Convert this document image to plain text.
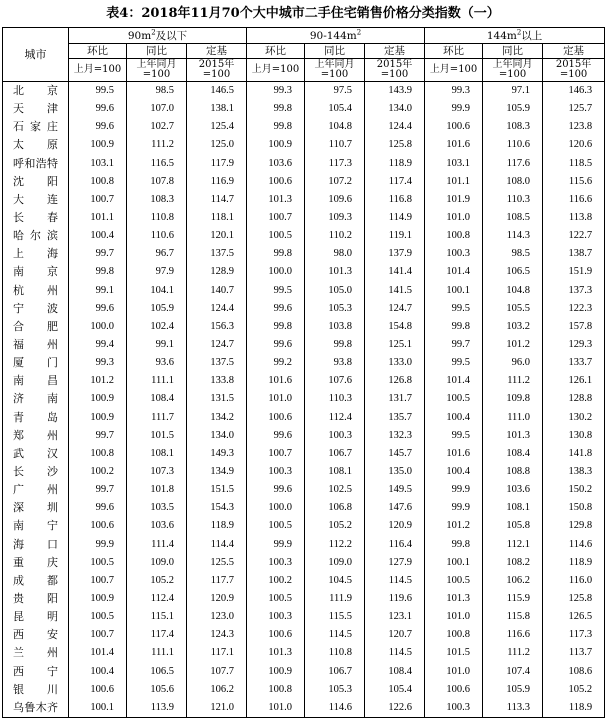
表4：2018年11月70个大中城市二手住宅销售价格分类指数（一）
城市	$90m^2$及以下			$90-144m^2$			$144m^2$以上		
	环比	同比	定基	环比	同比	定基	环比	同比	定基
	上月=100	上年同月=100	2015年=100	上月=100	上年同月=100	2015年=100	上月=100	上年同月=100	2015年=100
北京	99.5	98.5	146.5	99.3	97.5	143.9	99.3	97.1	146.3
天津	99.6	107.0	138.1	99.8	105.4	134.0	99.9	105.9	125.7
石家庄	99.6	102.7	125.4	99.8	104.8	124.4	100.6	108.3	123.8
太原	100.9	111.2	125.0	100.9	110.7	125.8	101.6	110.6	120.6
呼和浩特	103.1	116.5	117.9	103.6	117.3	118.9	103.1	117.6	118.5
沈阳	100.8	107.8	116.9	100.6	107.2	117.4	101.1	108.0	115.6
大连	100.7	108.3	114.7	101.3	109.6	116.8	101.9	110.3	116.6
长春	101.1	110.8	118.1	100.7	109.3	114.9	101.0	108.5	113.8
哈尔滨	100.4	110.6	120.1	100.5	110.2	119.1	100.8	114.3	122.7
上海	99.7	96.7	137.5	99.8	98.0	137.9	100.3	98.5	138.7
南京	99.8	97.9	128.9	100.0	101.3	141.4	101.4	106.5	151.9
杭州	99.1	104.1	140.7	99.5	105.0	141.5	100.1	104.8	137.3
宁波	99.6	105.9	124.4	99.6	105.3	124.7	99.5	105.5	122.3
合肥	100.0	102.4	156.3	99.8	103.8	154.8	99.8	103.2	157.8
福州	99.4	99.1	124.7	99.6	99.8	125.1	99.7	101.2	129.3
厦门	99.3	93.6	137.5	99.2	93.8	133.0	99.5	96.0	133.7
南昌	101.2	111.1	133.8	101.6	107.6	126.8	101.4	111.2	126.1
济南	100.9	108.4	131.5	101.0	110.3	131.7	100.5	109.8	128.8
青岛	100.9	111.7	134.2	100.6	112.4	135.7	100.4	111.0	130.2
郑州	99.7	101.5	134.0	99.6	100.3	132.3	99.5	101.3	130.8
武汉	100.8	108.1	149.3	100.7	106.7	145.7	101.6	108.4	141.8
长沙	100.2	107.3	134.9	100.3	108.1	135.0	100.4	108.8	138.3
广州	99.7	101.8	151.5	99.6	102.5	149.5	99.9	103.6	150.2
深圳	99.6	103.5	154.3	100.0	106.8	147.6	99.9	108.1	150.8
南宁	100.6	103.6	118.9	100.5	105.2	120.9	101.2	105.8	129.8
海口	99.9	111.4	114.4	99.9	112.2	116.4	99.8	112.1	114.6
重庆	100.5	109.0	125.5	100.3	109.0	127.9	100.1	108.2	118.9
成都	100.7	105.2	117.7	100.2	104.5	114.5	100.5	106.2	116.0
贵阳	100.9	112.4	120.9	100.5	111.9	119.6	101.3	115.9	125.8
昆明	100.5	115.1	123.0	100.3	115.5	123.1	101.0	115.8	126.5
西安	100.7	117.4	124.3	100.6	114.5	120.7	100.8	116.6	117.3
兰州	101.4	111.1	117.1	101.3	110.8	114.5	101.5	111.2	113.7
西宁	100.4	106.5	107.7	100.9	106.7	108.4	101.0	107.4	108.6
银川	100.6	105.6	106.2	100.8	105.3	105.4	100.6	105.9	105.2
乌鲁木齐	100.1	113.9	121.0	101.0	114.6	122.6	100.3	113.3	118.9
